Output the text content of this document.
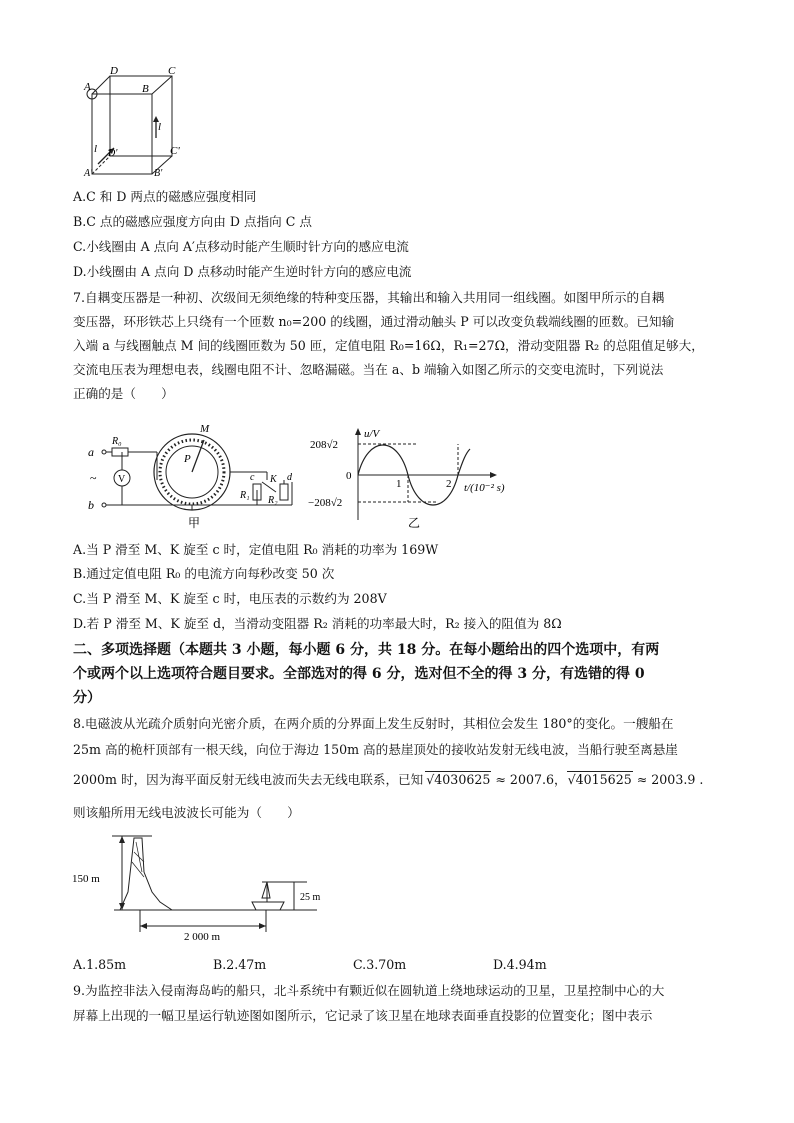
A
D	C
B
l
l D'	C'
A'	B'
A.C 和 D 两点的磁感应强度相同
B.C 点的磁感应强度方向由 D 点指向 C 点
C.小线圈由 A 点向 A′点移动时能产生顺时针方向的感应电流
D.小线圈由 A 点向 D 点移动时能产生逆时针方向的感应电流
7.自耦变压器是一种初、次级间无须绝缘的特种变压器，其输出和输入共用同一组线圈。如图甲所示的自耦
变压器，环形铁芯上只绕有一个匝数 n₀=200 的线圈，通过滑动触头 P 可以改变负载端线圈的匝数。已知输
入端 a 与线圈触点 M 间的线圈匝数为 50 匝，定值电阻 R₀=16Ω，R₁=27Ω，滑动变阻器 R₂ 的总阻值足够大，
交流电压表为理想电表，线圈电阻不计、忽略漏磁。当在 a、b 端输入如图乙所示的交变电流时，下列说法
正确的是（　　）
a
R₀
~ V
b
P
M
c K d
R₁ R₂
甲
u/V
208√2
0
−208√2
1	2 t/(10⁻² s)
乙
A.当 P 滑至 M、K 旋至 c 时，定值电阻 R₀ 消耗的功率为 169W
B.通过定值电阻 R₀ 的电流方向每秒改变 50 次
C.当 P 滑至 M、K 旋至 c 时，电压表的示数约为 208V
D.若 P 滑至 M、K 旋至 d，当滑动变阻器 R₂ 消耗的功率最大时，R₂ 接入的阻值为 8Ω
二、多项选择题（本题共 3 小题，每小题 6 分，共 18 分。在每小题给出的四个选项中，有两
个或两个以上选项符合题目要求。全部选对的得 6 分，选对但不全的得 3 分，有选错的得 0
分）
8.电磁波从光疏介质射向光密介质，在两介质的分界面上发生反射时，其相位会发生 180°的变化。一艘船在
25m 高的桅杆顶部有一根天线，向位于海边 150m 高的悬崖顶处的接收站发射无线电波，当船行驶至离悬崖
2000m 时，因为海平面反射无线电波而失去无线电联系，已知 √4030625 ≈ 2007.6，√4015625 ≈ 2003.9 .
则该船所用无线电波波长可能为（　　）
150 m
25 m
2 000 m
A.1.85m	B.2.47m	C.3.70m	D.4.94m
9.为监控非法入侵南海岛屿的船只，北斗系统中有颗近似在圆轨道上绕地球运动的卫星，卫星控制中心的大
屏幕上出现的一幅卫星运行轨迹图如图所示，它记录了该卫星在地球表面垂直投影的位置变化；图中表示
